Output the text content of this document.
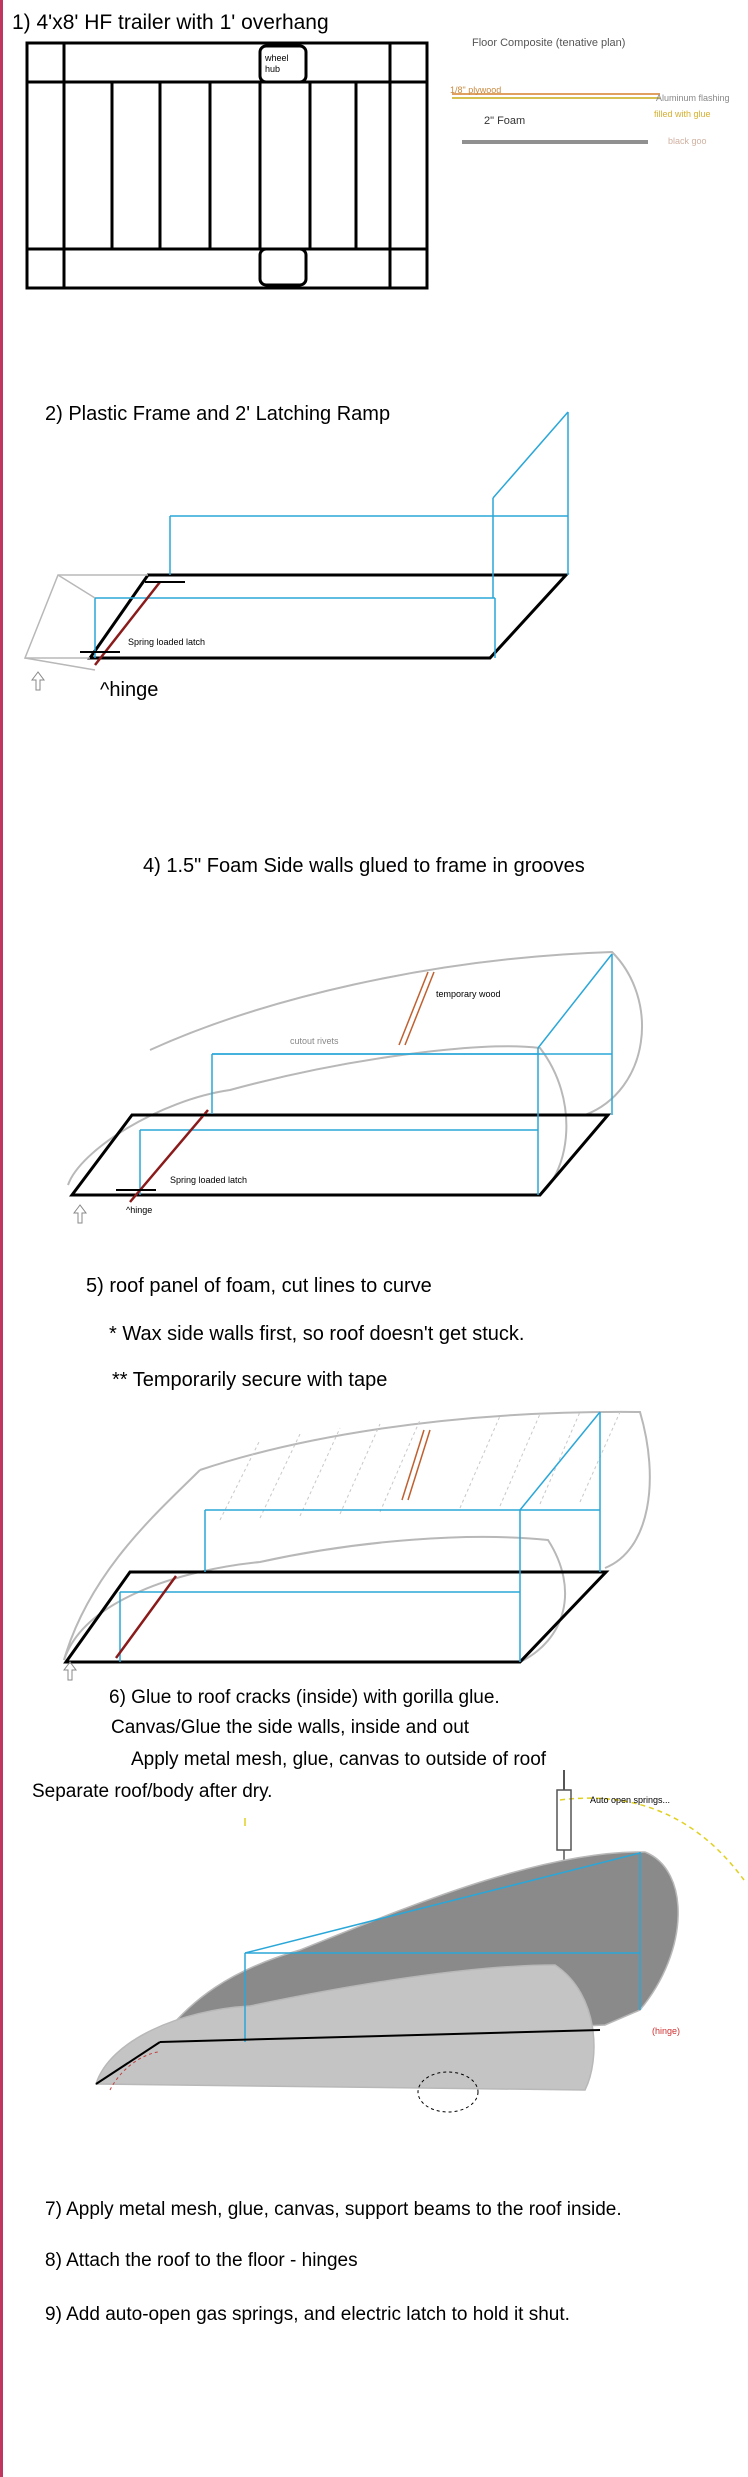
1) 4'x8' HF trailer with 1' overhang
wheel
hub
Floor Composite (tenative plan)
1/8" plywood
2" Foam
Aluminum flashing
filled with glue
black goo
2) Plastic Frame and 2' Latching Ramp
Spring loaded latch
^hinge
4) 1.5" Foam Side walls glued to frame in grooves
temporary wood
cutout rivets
Spring loaded latch
^hinge
5) roof panel of foam, cut lines to curve
* Wax side walls first, so roof doesn't get stuck.
** Temporarily secure with tape
6) Glue to roof cracks (inside) with gorilla glue.
Canvas/Glue the side walls, inside and out
Apply metal mesh, glue, canvas to outside of roof
Separate roof/body after dry.	Auto open springs...
(hinge)
7) Apply metal mesh, glue, canvas, support beams to the roof inside.
8) Attach the roof to the floor - hinges
9) Add auto-open gas springs, and electric latch to hold it shut.
